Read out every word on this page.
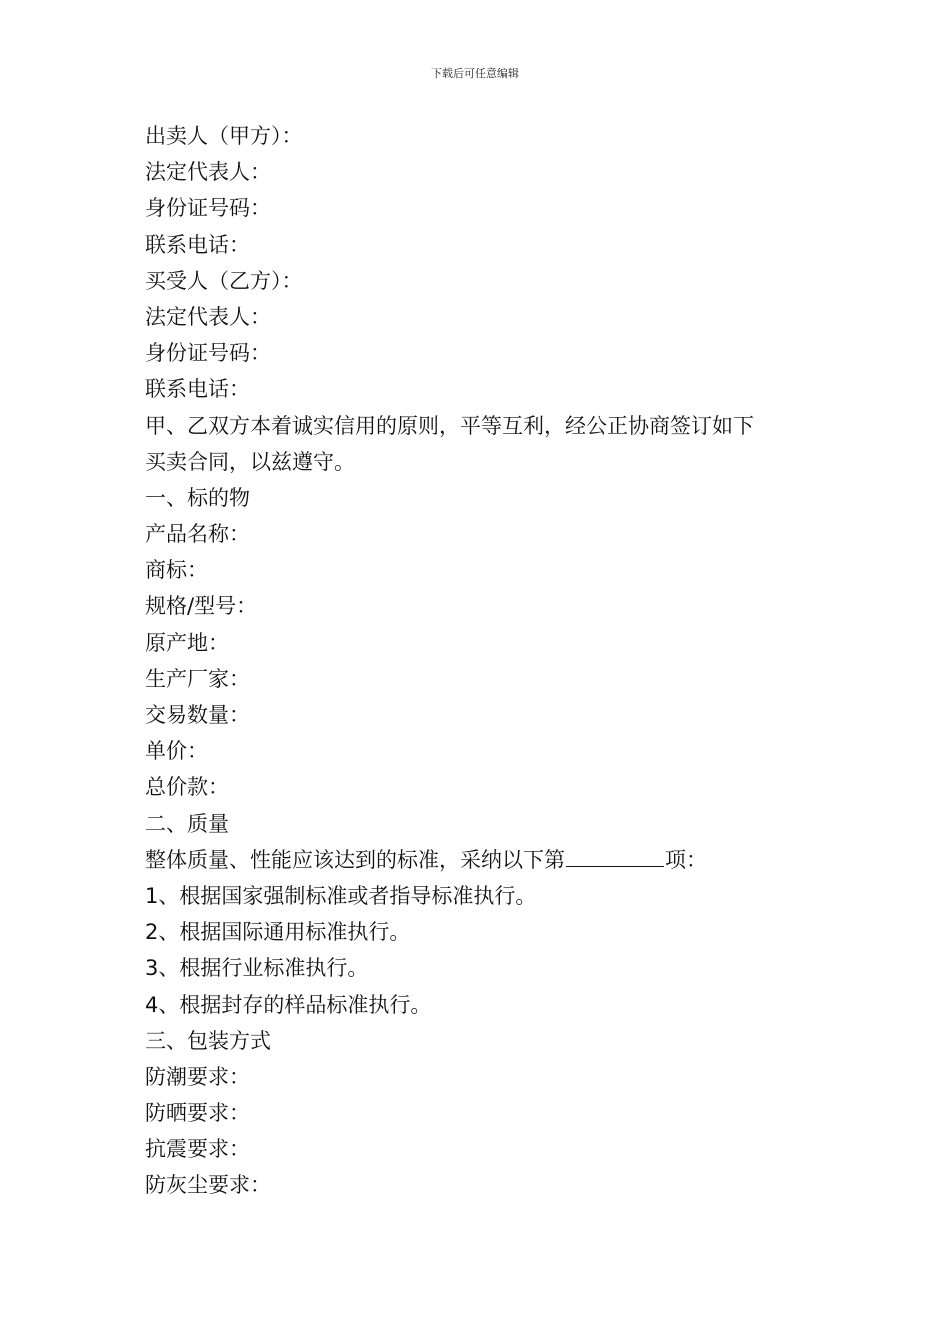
下载后可任意编辑
出卖人（甲方）：
法定代表人：
身份证号码：
联系电话：
买受人（乙方）：
法定代表人：
身份证号码：
联系电话：
甲、乙双方本着诚实信用的原则，平等互利，经公正协商签订如下
买卖合同，以兹遵守。
一、标的物
产品名称：
商标：
规格/型号：
原产地：
生产厂家：
交易数量：
单价：
总价款：
二、质量
整体质量、性能应该达到的标准，采纳以下第	项：
1、根据国家强制标准或者指导标准执行。
2、根据国际通用标准执行。
3、根据行业标准执行。
4、根据封存的样品标准执行。
三、包装方式
防潮要求：
防晒要求：
抗震要求：
防灰尘要求：
